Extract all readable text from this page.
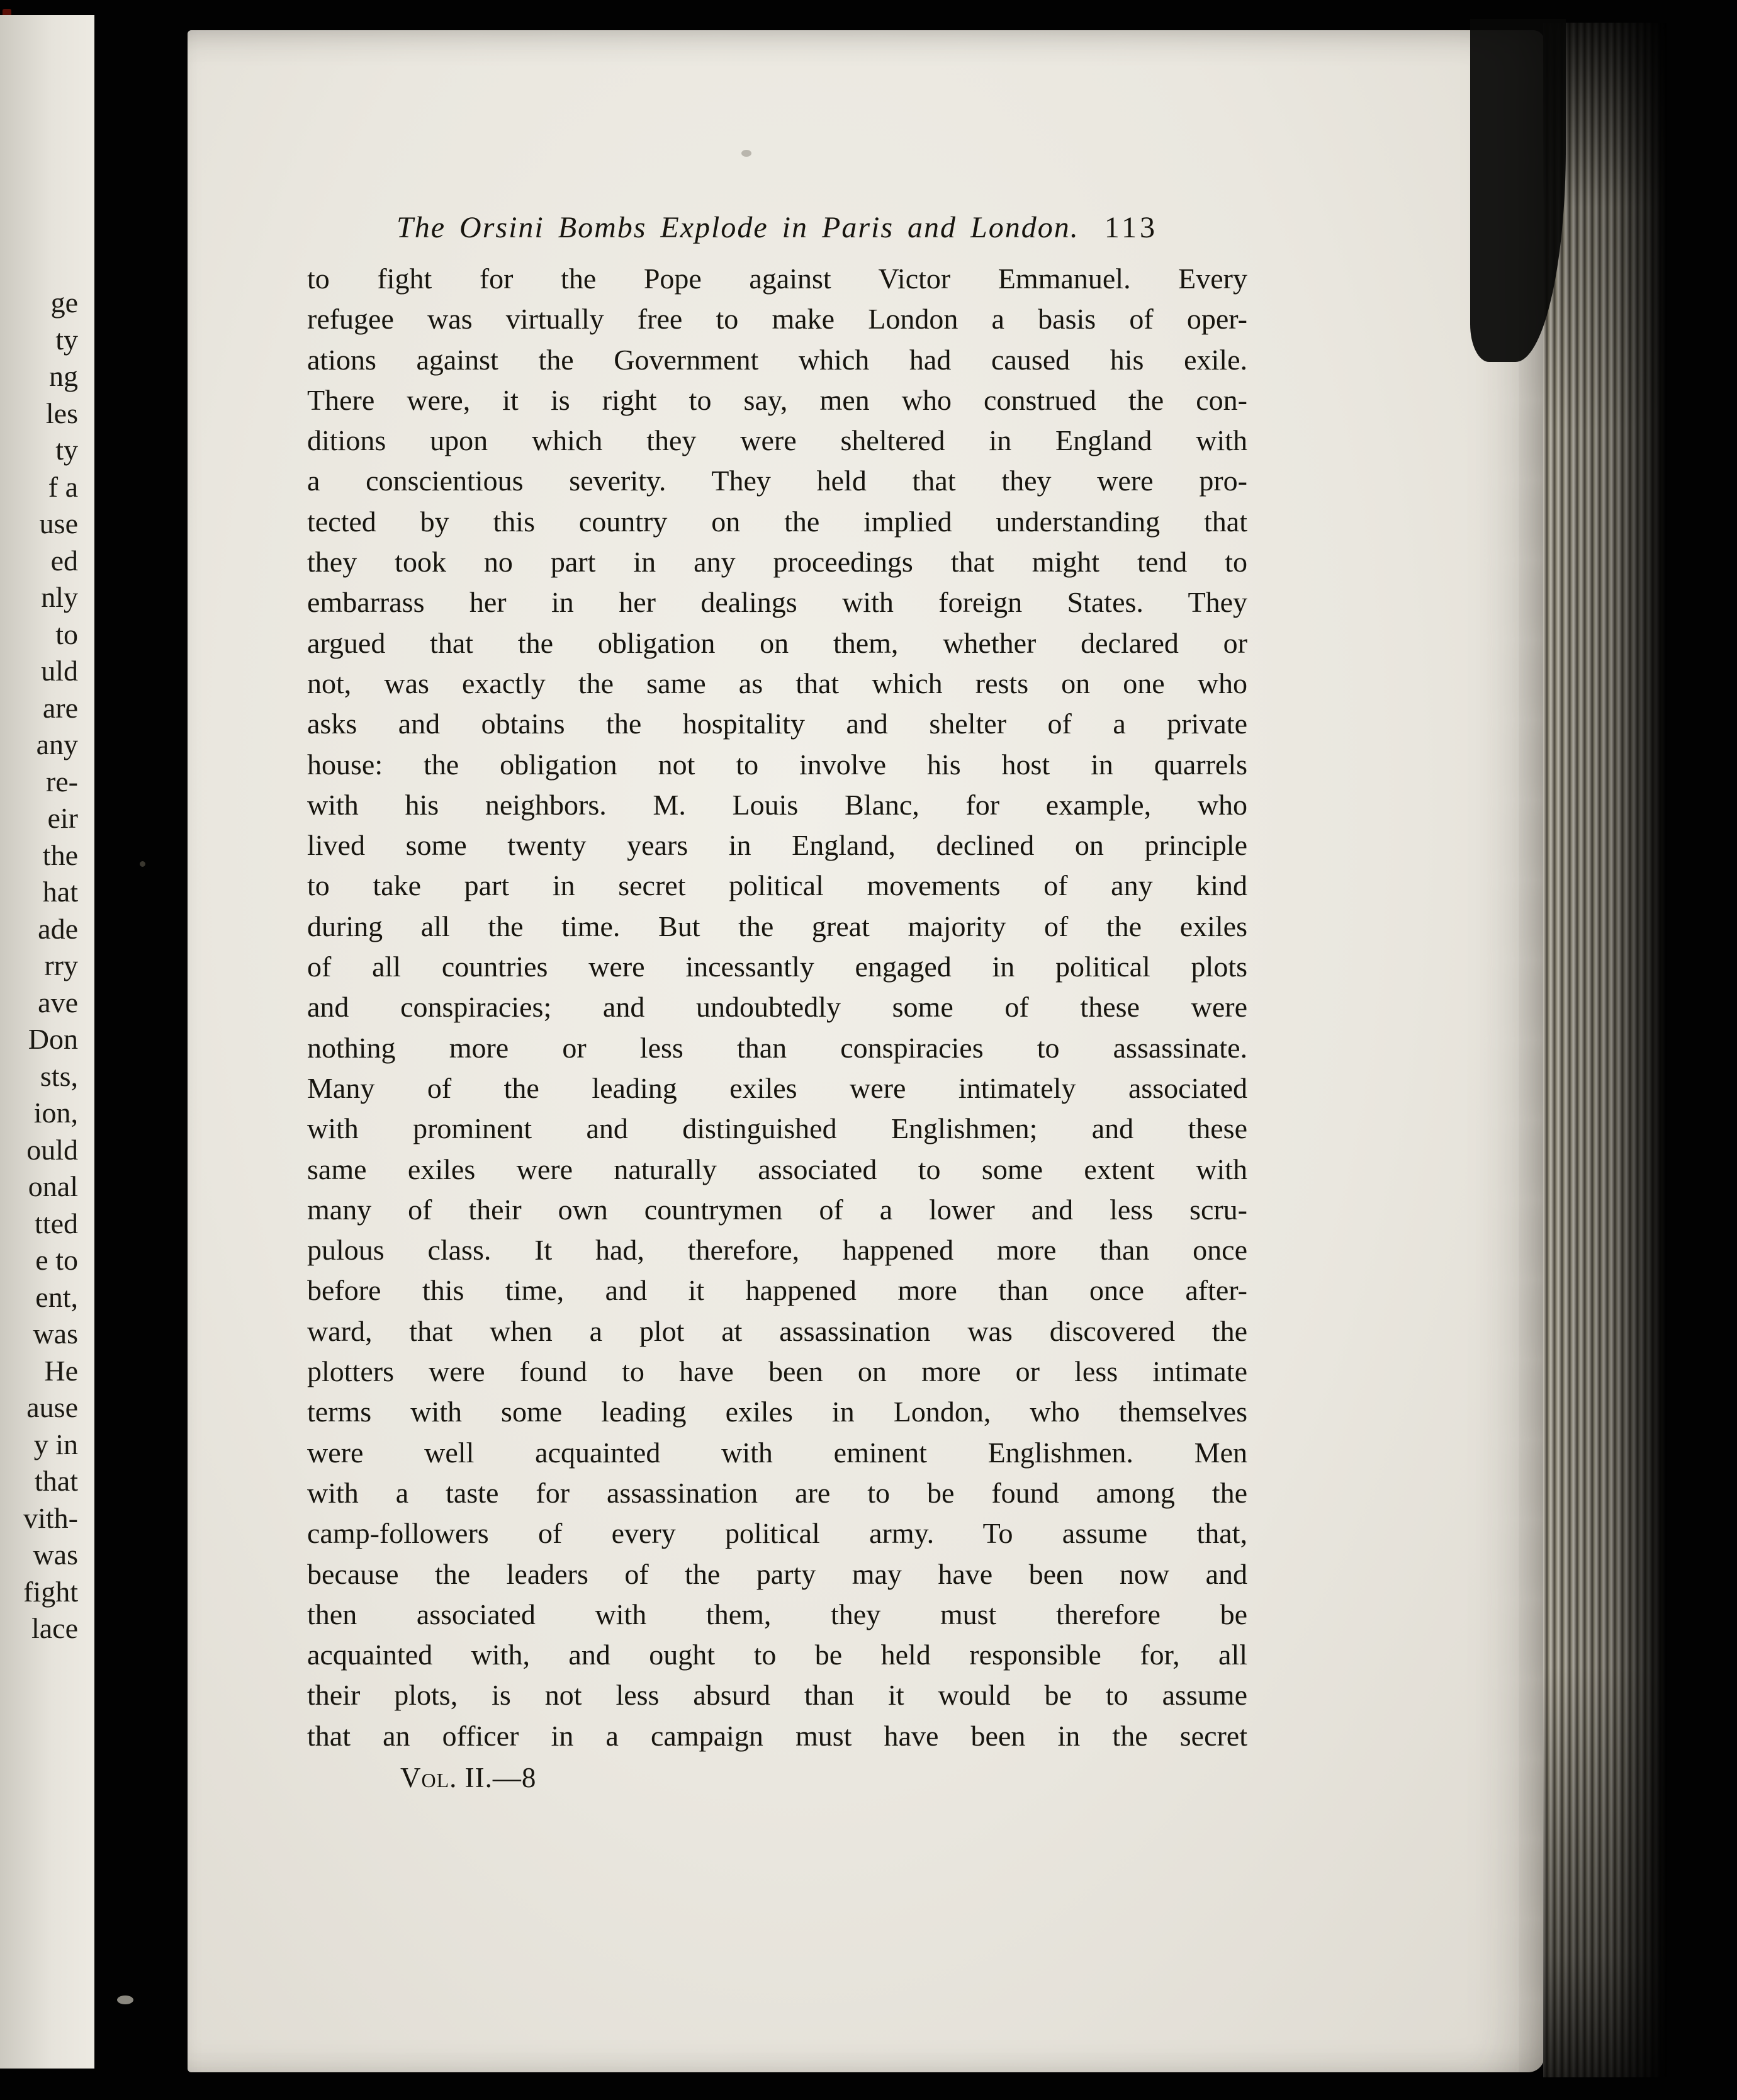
ge
ty
ng
les
ty
f a
use
ed
nly
to
uld
are
any
re-
eir
the
hat
ade
rry
ave
Don
sts,
ion,
ould
onal
tted
e to
ent,
was
He
ause
y in
that
vith-
was
fight
lace
The Orsini Bombs Explode in Paris and London. 113
to fight for the Pope against Victor Emmanuel. Every
refugee was virtually free to make London a basis of oper-
ations against the Government which had caused his exile.
There were, it is right to say, men who construed the con-
ditions upon which they were sheltered in England with
a conscientious severity. They held that they were pro-
tected by this country on the implied understanding that
they took no part in any proceedings that might tend to
embarrass her in her dealings with foreign States. They
argued that the obligation on them, whether declared or
not, was exactly the same as that which rests on one who
asks and obtains the hospitality and shelter of a private
house: the obligation not to involve his host in quarrels
with his neighbors. M. Louis Blanc, for example, who
lived some twenty years in England, declined on principle
to take part in secret political movements of any kind
during all the time. But the great majority of the exiles
of all countries were incessantly engaged in political plots
and conspiracies; and undoubtedly some of these were
nothing more or less than conspiracies to assassinate.
Many of the leading exiles were intimately associated
with prominent and distinguished Englishmen; and these
same exiles were naturally associated to some extent with
many of their own countrymen of a lower and less scru-
pulous class. It had, therefore, happened more than once
before this time, and it happened more than once after-
ward, that when a plot at assassination was discovered the
plotters were found to have been on more or less intimate
terms with some leading exiles in London, who themselves
were well acquainted with eminent Englishmen. Men
with a taste for assassination are to be found among the
camp-followers of every political army. To assume that,
because the leaders of the party may have been now and
then associated with them, they must therefore be
acquainted with, and ought to be held responsible for, all
their plots, is not less absurd than it would be to assume
that an officer in a campaign must have been in the secret
Vol. II.—8
